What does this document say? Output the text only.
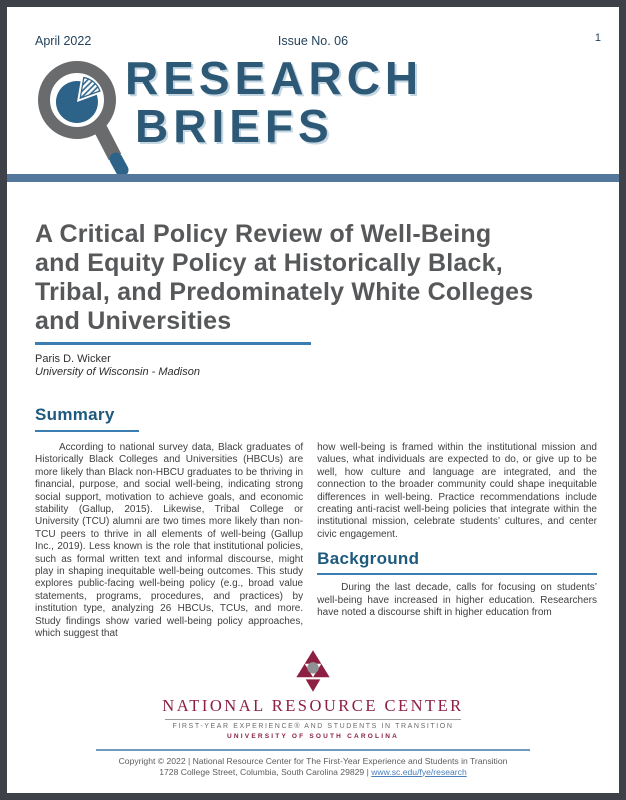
April 2022	Issue No. 06	1
RESEARCH
BRIEFS
A Critical Policy Review of Well-Being
and Equity Policy at Historically Black,
Tribal, and Predominately White Colleges
and Universities
Paris D. Wicker
University of Wisconsin - Madison
Summary

According to national survey data, Black graduates of Historically Black Colleges and Universities (HBCUs) are more likely than Black non-HBCU graduates to be thriving in financial, purpose, and social well-being, indicating strong social support, motivation to achieve goals, and economic stability (Gallup, 2015). Likewise, Tribal College or University (TCU) alumni are two times more likely than non-TCU peers to thrive in all elements of well-being (Gallup Inc., 2019). Less known is the role that institutional policies, such as formal written text and informal discourse, might play in shaping inequitable well-being outcomes. This study explores public-facing well-being policy (e.g., broad value statements, programs, procedures, and practices) by institution type, analyzing 26 HBCUs, TCUs, and more. Study findings show varied well-being policy approaches, which suggest that

how well-being is framed within the institutional mission and values, what individuals are expected to do, or give up to be well, how culture and language are integrated, and the connection to the broader community could shape inequitable differences in well-being. Practice recommendations include creating anti-racist well-being policies that integrate within the institutional mission, celebrate students’ cultures, and center civic engagement.

Background

During the last decade, calls for focusing on students’ well-being have increased in higher education. Researchers have noted a discourse shift in higher education from

NATIONAL RESOURCE CENTER
FIRST-YEAR EXPERIENCE® AND STUDENTS IN TRANSITION
UNIVERSITY OF SOUTH CAROLINA
Copyright © 2022 | National Resource Center for The First-Year Experience and Students in Transition
1728 College Street, Columbia, South Carolina 29829 | www.sc.edu/fye/research
